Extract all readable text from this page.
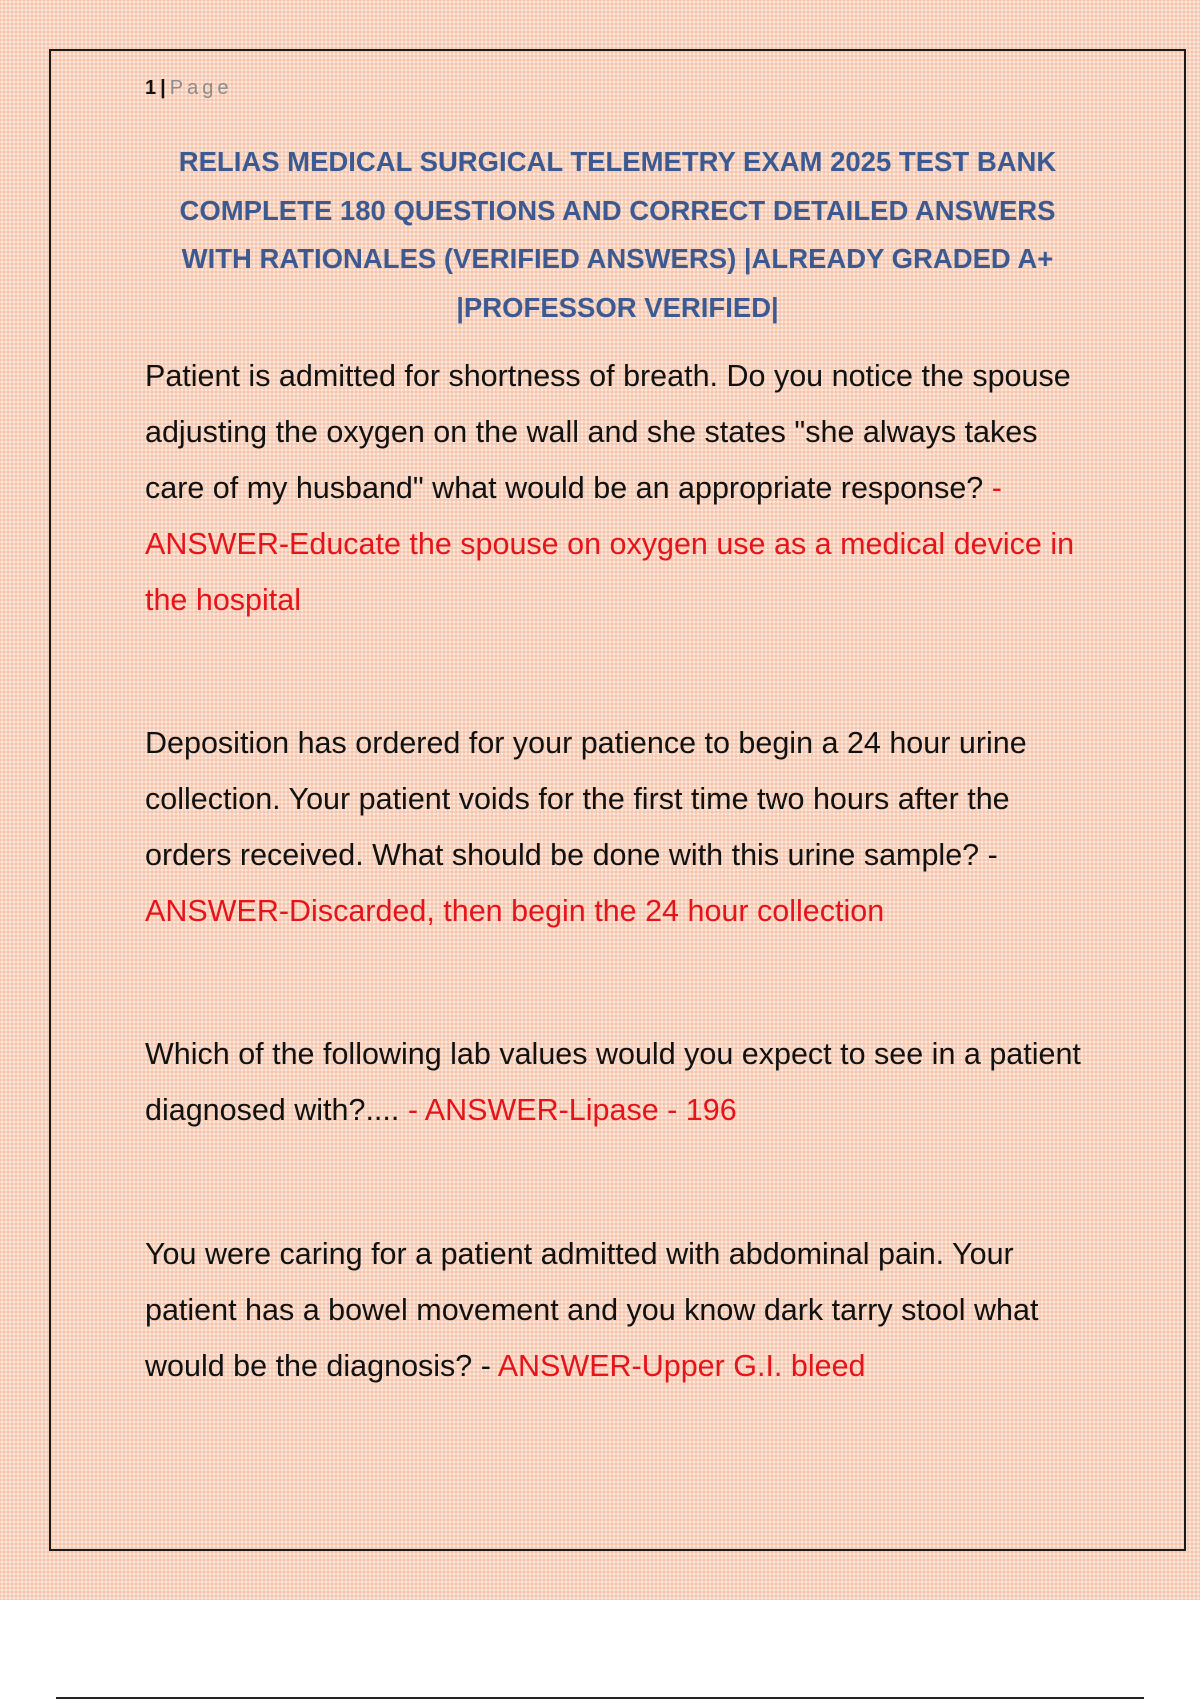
1 | Page
RELIAS MEDICAL SURGICAL TELEMETRY EXAM 2025 TEST BANK COMPLETE 180 QUESTIONS AND CORRECT DETAILED ANSWERS WITH RATIONALES (VERIFIED ANSWERS) |ALREADY GRADED A+ |PROFESSOR VERIFIED|

Patient is admitted for shortness of breath. Do you notice the spouse adjusting the oxygen on the wall and she states "she always takes care of my husband" what would be an appropriate response? - ANSWER-Educate the spouse on oxygen use as a medical device in the hospital

Deposition has ordered for your patience to begin a 24 hour urine collection. Your patient voids for the first time two hours after the orders received. What should be done with this urine sample? - ANSWER-Discarded, then begin the 24 hour collection

Which of the following lab values would you expect to see in a patient diagnosed with?.... - ANSWER-Lipase - 196

You were caring for a patient admitted with abdominal pain. Your patient has a bowel movement and you know dark tarry stool what would be the diagnosis? - ANSWER-Upper G.I. bleed
